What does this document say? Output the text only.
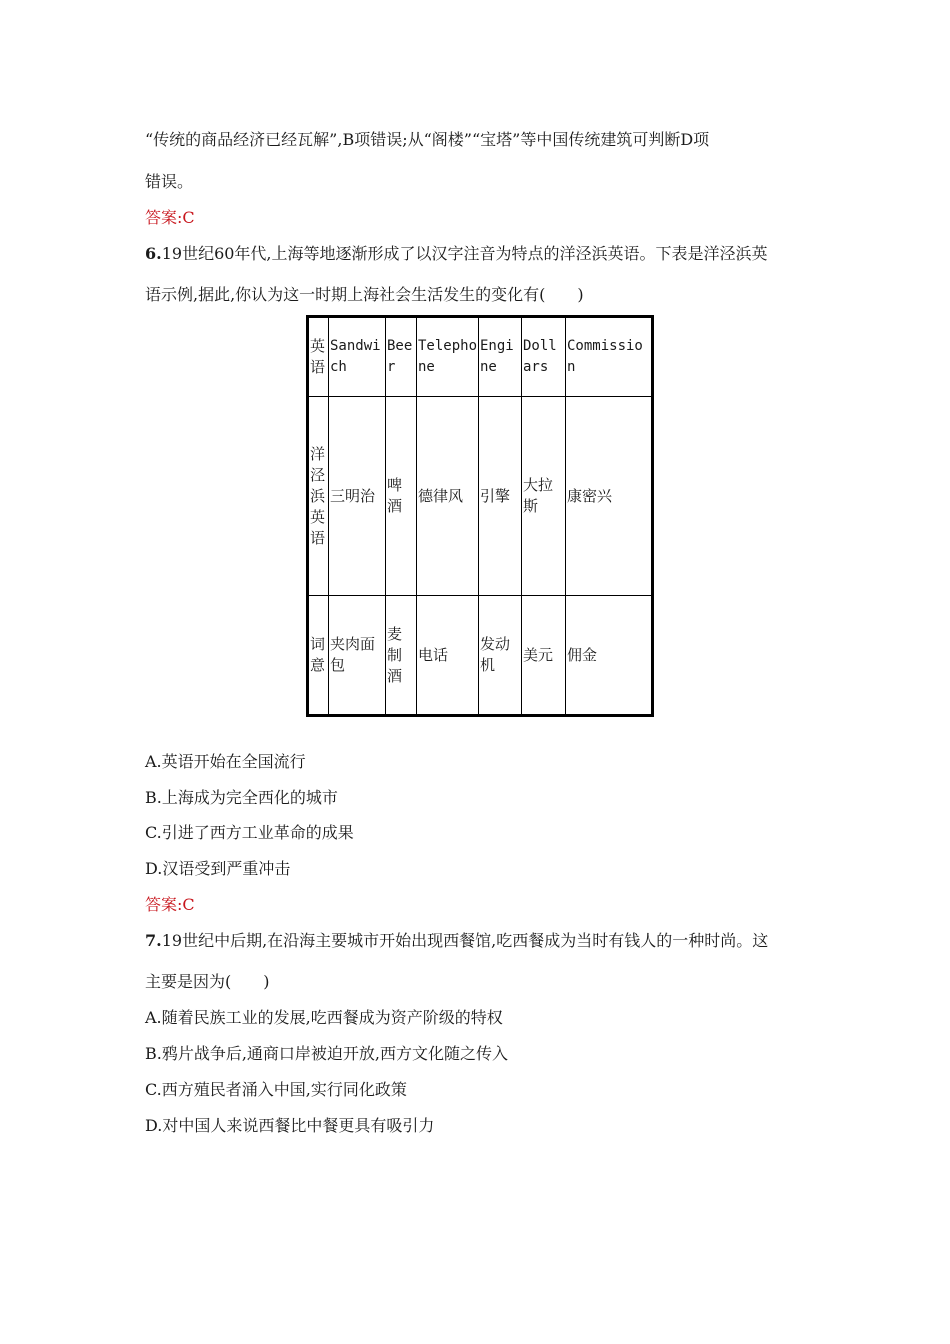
“传统的商品经济已经瓦解”,B项错误;从“阁楼”“宝塔”等中国传统建筑可判断D项
错误。
答案:C
6.19世纪60年代,上海等地逐渐形成了以汉字注音为特点的洋泾浜英语。下表是洋泾浜英
语示例,据此,你认为这一时期上海社会生活发生的变化有(　　)
英语	Sandwich	Beer	Telephone	Engine	Dollars	Commission

洋泾浜英语	三明治	啤酒	德律风	引擎	大拉斯	康密兴

词意	夹肉面包	麦制酒	电话	发动机	美元	佣金
A.英语开始在全国流行
B.上海成为完全西化的城市
C.引进了西方工业革命的成果
D.汉语受到严重冲击
答案:C
7.19世纪中后期,在沿海主要城市开始出现西餐馆,吃西餐成为当时有钱人的一种时尚。这
主要是因为(　　)
A.随着民族工业的发展,吃西餐成为资产阶级的特权
B.鸦片战争后,通商口岸被迫开放,西方文化随之传入
C.西方殖民者涌入中国,实行同化政策
D.对中国人来说西餐比中餐更具有吸引力
